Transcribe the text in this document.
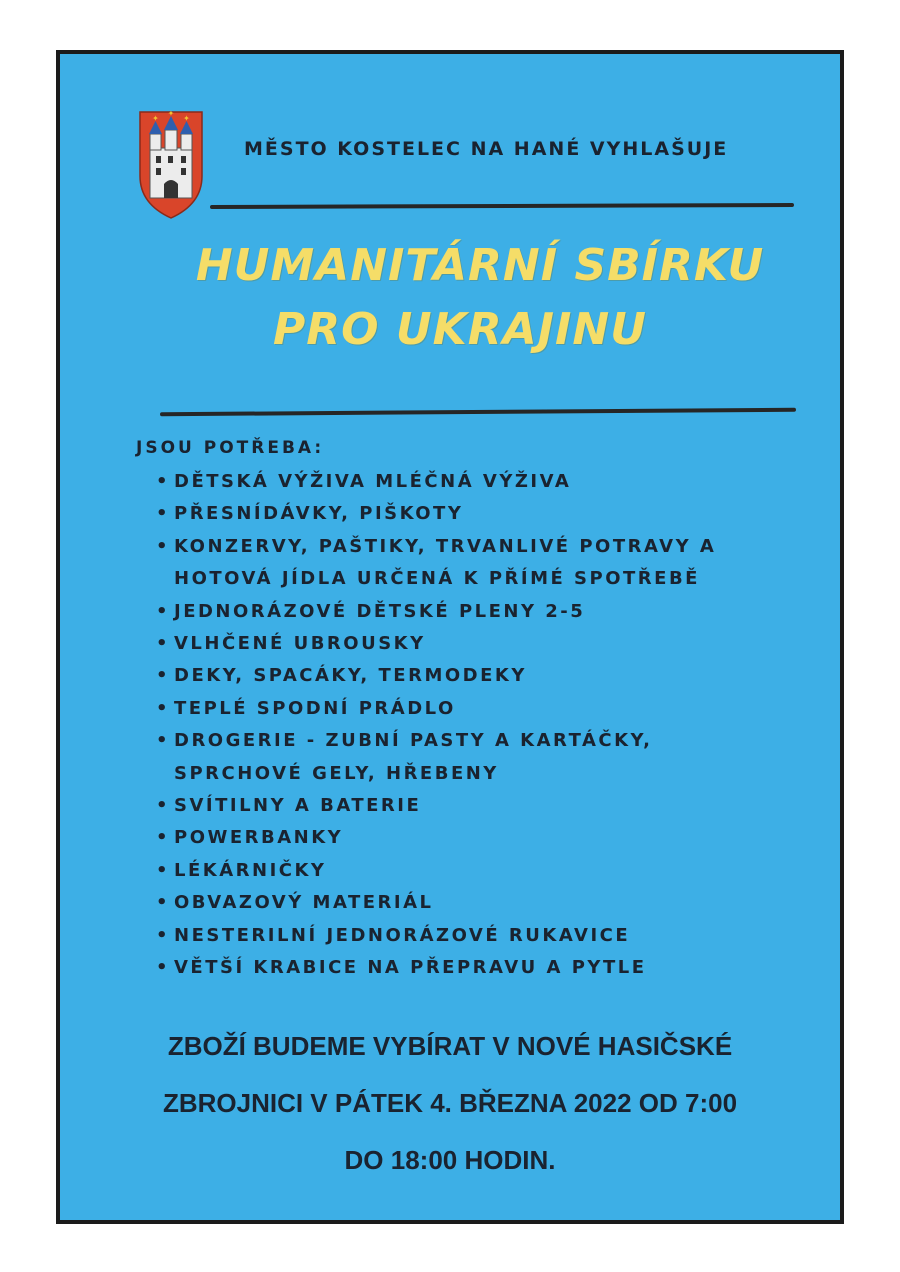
✦
✦
✦
MĚSTO KOSTELEC NA HANÉ VYHLAŠUJE
HUMANITÁRNÍ SBÍRKU
PRO UKRAJINU
JSOU POTŘEBA:
• DĚTSKÁ VÝŽIVA MLÉČNÁ VÝŽIVA
• PŘESNÍDÁVKY, PIŠKOTY
• KONZERVY, PAŠTIKY, TRVANLIVÉ POTRAVY A
HOTOVÁ JÍDLA URČENÁ K PŘÍMÉ SPOTŘEBĚ
• JEDNORÁZOVÉ DĚTSKÉ PLENY 2-5
• VLHČENÉ UBROUSKY
• DEKY, SPACÁKY, TERMODEKY
• TEPLÉ SPODNÍ PRÁDLO
• DROGERIE - ZUBNÍ PASTY A KARTÁČKY,
SPRCHOVÉ GELY, HŘEBENY
• SVÍTILNY A BATERIE
• POWERBANKY
• LÉKÁRNIČKY
• OBVAZOVÝ MATERIÁL
• NESTERILNÍ JEDNORÁZOVÉ RUKAVICE
• VĚTŠÍ KRABICE NA PŘEPRAVU A PYTLE
ZBOŽÍ BUDEME VYBÍRAT V NOVÉ HASIČSKÉ
ZBROJNICI V PÁTEK 4. BŘEZNA 2022 OD 7:00
DO 18:00 HODIN.
